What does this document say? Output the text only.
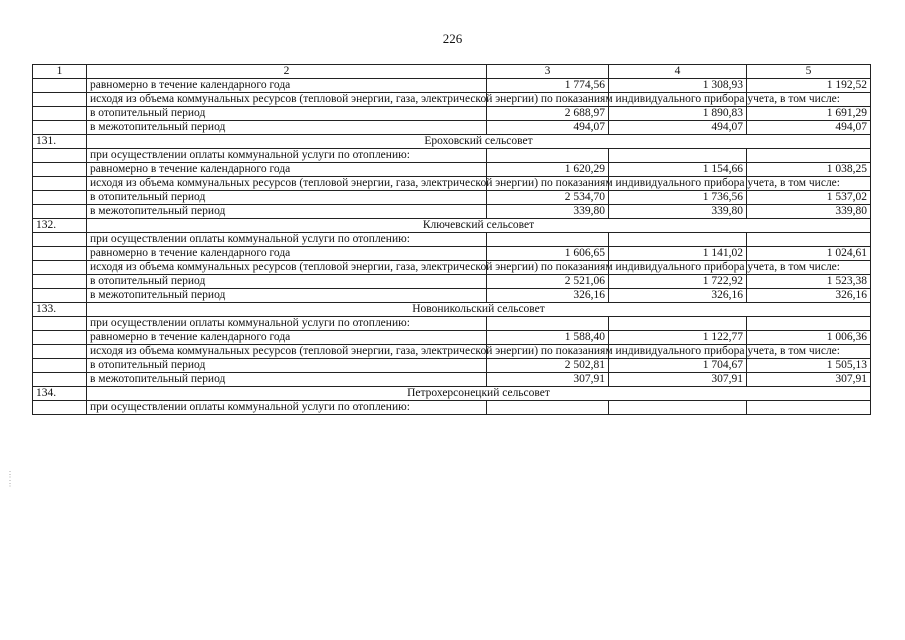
226
1	2	3	4	5
	равномерно в течение календарного года	1 774,56	1 308,93	1 192,52
	исходя из объема коммунальных ресурсов (тепловой энергии, газа, электрической энергии) по показаниям индивидуального прибора учета, в том числе:			
	в отопительный период	2 688,97	1 890,83	1 691,29
	в межотопительный период	494,07	494,07	494,07
131.	Ероховский сельсовет			
	при осуществлении оплаты коммунальной услуги по отоплению:			
	равномерно в течение календарного года	1 620,29	1 154,66	1 038,25
	исходя из объема коммунальных ресурсов (тепловой энергии, газа, электрической энергии) по показаниям индивидуального прибора учета, в том числе:			
	в отопительный период	2 534,70	1 736,56	1 537,02
	в межотопительный период	339,80	339,80	339,80
132.	Ключевский сельсовет			
	при осуществлении оплаты коммунальной услуги по отоплению:			
	равномерно в течение календарного года	1 606,65	1 141,02	1 024,61
	исходя из объема коммунальных ресурсов (тепловой энергии, газа, электрической энергии) по показаниям индивидуального прибора учета, в том числе:			
	в отопительный период	2 521,06	1 722,92	1 523,38
	в межотопительный период	326,16	326,16	326,16
133.	Новоникольский сельсовет			
	при осуществлении оплаты коммунальной услуги по отоплению:			
	равномерно в течение календарного года	1 588,40	1 122,77	1 006,36
	исходя из объема коммунальных ресурсов (тепловой энергии, газа, электрической энергии) по показаниям индивидуального прибора учета, в том числе:			
	в отопительный период	2 502,81	1 704,67	1 505,13
	в межотопительный период	307,91	307,91	307,91
134.	Петрохерсонецкий сельсовет			
	при осуществлении оплаты коммунальной услуги по отоплению:			
⋮
⋮
